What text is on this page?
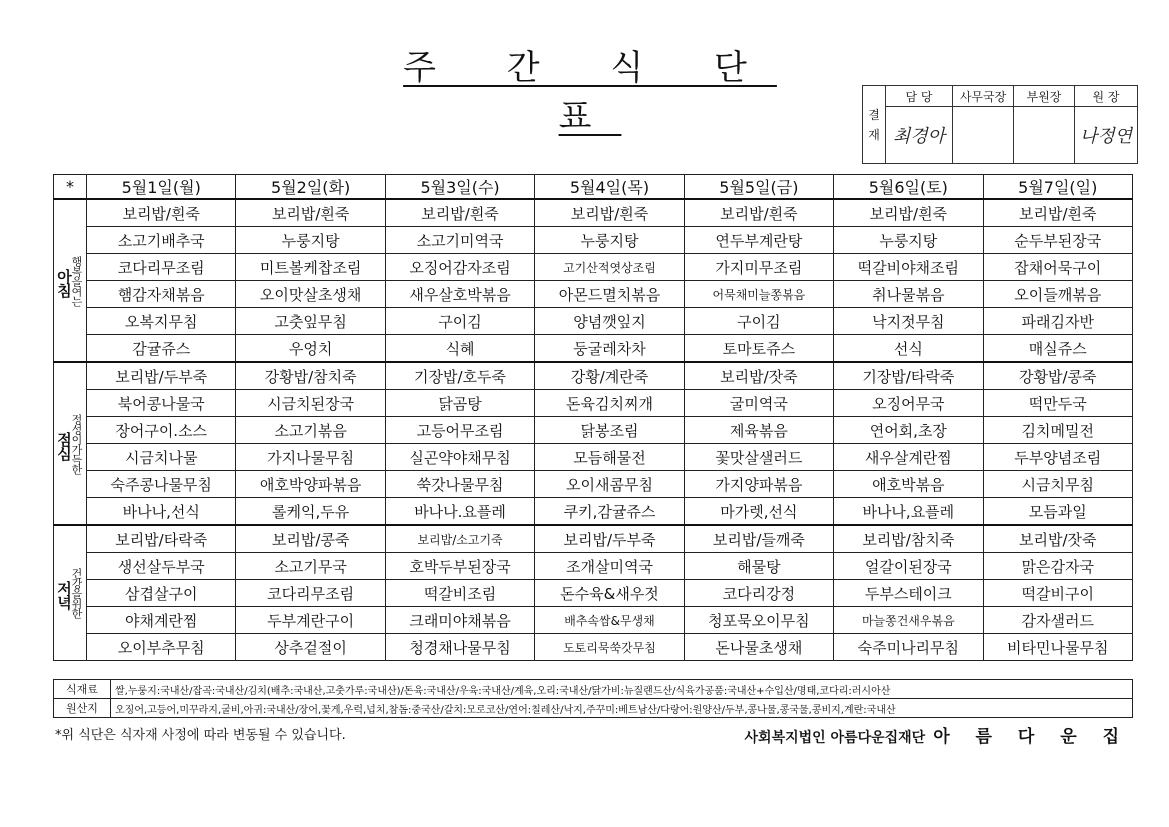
주 간 식 단 표	결재	담 당	사무국장	부원장	원 장
	최경아			나정연
*	5월1일(월)	5월2일(화)	5월3일(수)	5월4일(목)	5월5일(금)	5월6일(토)	5월7일(일)

행복을여는
아침	보리밥/흰죽	보리밥/흰죽	보리밥/흰죽	보리밥/흰죽	보리밥/흰죽	보리밥/흰죽	보리밥/흰죽
	소고기배추국	누룽지탕	소고기미역국	누룽지탕	연두부계란탕	누룽지탕	순두부된장국
	코다리무조림	미트볼케찹조림	오징어감자조림	고기산적엿상조림	가지미무조림	떡갈비야채조림	잡채어묵구이
	햄감자채볶음	오이맛살초생채	새우살호박볶음	아몬드멸치볶음	어묵채미늘쫑볶음	취나물볶음	오이들깨볶음
	오복지무침	고춧잎무침	구이김	양념깻잎지	구이김	낙지젓무침	파래김자반
	감귤쥬스	우엉치	식혜	둥굴레차차	토마토쥬스	선식	매실쥬스

정성이가득한
점심	보리밥/두부죽	강황밥/참치죽	기장밥/호두죽	강황/계란죽	보리밥/잣죽	기장밥/타락죽	강황밥/콩죽
	북어콩나물국	시금치된장국	닭곰탕	돈육김치찌개	굴미역국	오징어무국	떡만두국
	장어구이.소스	소고기볶음	고등어무조림	닭봉조림	제육볶음	연어회,초장	김치메밀전
	시금치나물	가지나물무침	실곤약야채무침	모듬해물전	꽃맛살샐러드	새우살계란찜	두부양념조림
	숙주콩나물무침	애호박양파볶음	쑥갓나물무침	오이새콤무침	가지양파볶음	애호박볶음	시금치무침
	바나나,선식	롤케익,두유	바나나.요플레	쿠키,감귤쥬스	마가렛,선식	바나나,요플레	모듬과일

건강을위한
저녁	보리밥/타락죽	보리밥/콩죽	보리밥/소고기죽	보리밥/두부죽	보리밥/들깨죽	보리밥/참치죽	보리밥/잣죽
	생선살두부국	소고기무국	호박두부된장국	조개살미역국	해물탕	얼갈이된장국	맑은감자국
	삼겹살구이	코다리무조림	떡갈비조림	돈수육&새우젓	코다리강정	두부스테이크	떡갈비구이
	야채계란찜	두부계란구이	크래미야채볶음	배추속쌈&무생채	청포묵오이무침	마늘쫑건새우볶음	감자샐러드
	오이부추무침	상추겉절이	청경채나물무침	도토리묵쑥갓무침	돈나물초생채	숙주미나리무침	비타민나물무침
식재료	쌀,누룽지:국내산/잡곡:국내산/김치(배추:국내산,고춧가루:국내산)/돈육:국내산/우육:국내산/계육,오리:국내산/닭가비:뉴질랜드산/식육가공품:국내산+수입산/명태,코다리:러시아산
원산지	오징어,고등어,미꾸라지,굴비,아귀:국내산/장어,꽃게,우럭,넙치,참돔:중국산/갈치:모로코산/연어:칠레산/낙지,주꾸미:베트남산/다랑어:원양산/두부,콩나물,콩국물,콩비지,계란:국내산
*위 식단은 식자재 사정에 따라 변동될 수 있습니다.	사회복지법인 아름다운집재단 아 름 다 운 집
